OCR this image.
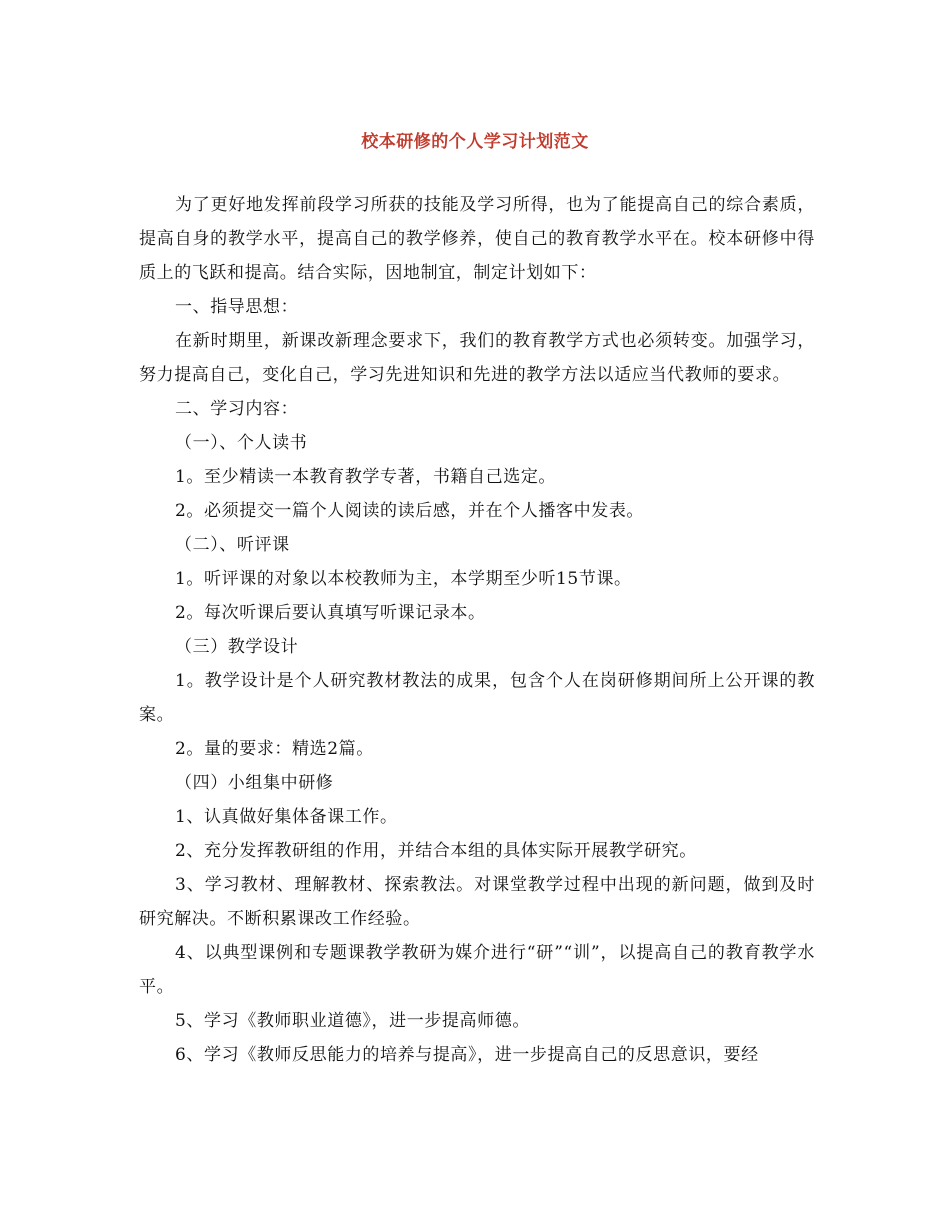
校本研修的个人学习计划范文

为了更好地发挥前段学习所获的技能及学习所得，也为了能提高自己的综合素质，提高自身的教学水平，提高自己的教学修养，使自己的教育教学水平在。校本研修中得质上的飞跃和提高。结合实际，因地制宜，制定计划如下：

一、指导思想：

在新时期里，新课改新理念要求下，我们的教育教学方式也必须转变。加强学习，努力提高自己，变化自己，学习先进知识和先进的教学方法以适应当代教师的要求。

二、学习内容：

（一）、个人读书

1。至少精读一本教育教学专著，书籍自己选定。

2。必须提交一篇个人阅读的读后感，并在个人播客中发表。

（二）、听评课

1。听评课的对象以本校教师为主，本学期至少听15节课。

2。每次听课后要认真填写听课记录本。

（三）教学设计

1。教学设计是个人研究教材教法的成果，包含个人在岗研修期间所上公开课的教案。

2。量的要求：精选2篇。

（四）小组集中研修

1、认真做好集体备课工作。

2、充分发挥教研组的作用，并结合本组的具体实际开展教学研究。

3、学习教材、理解教材、探索教法。对课堂教学过程中出现的新问题，做到及时研究解决。不断积累课改工作经验。

4、以典型课例和专题课教学教研为媒介进行“研”“训”，以提高自己的教育教学水平。

5、学习《教师职业道德》，进一步提高师德。

6、学习《教师反思能力的培养与提高》，进一步提高自己的反思意识，要经
